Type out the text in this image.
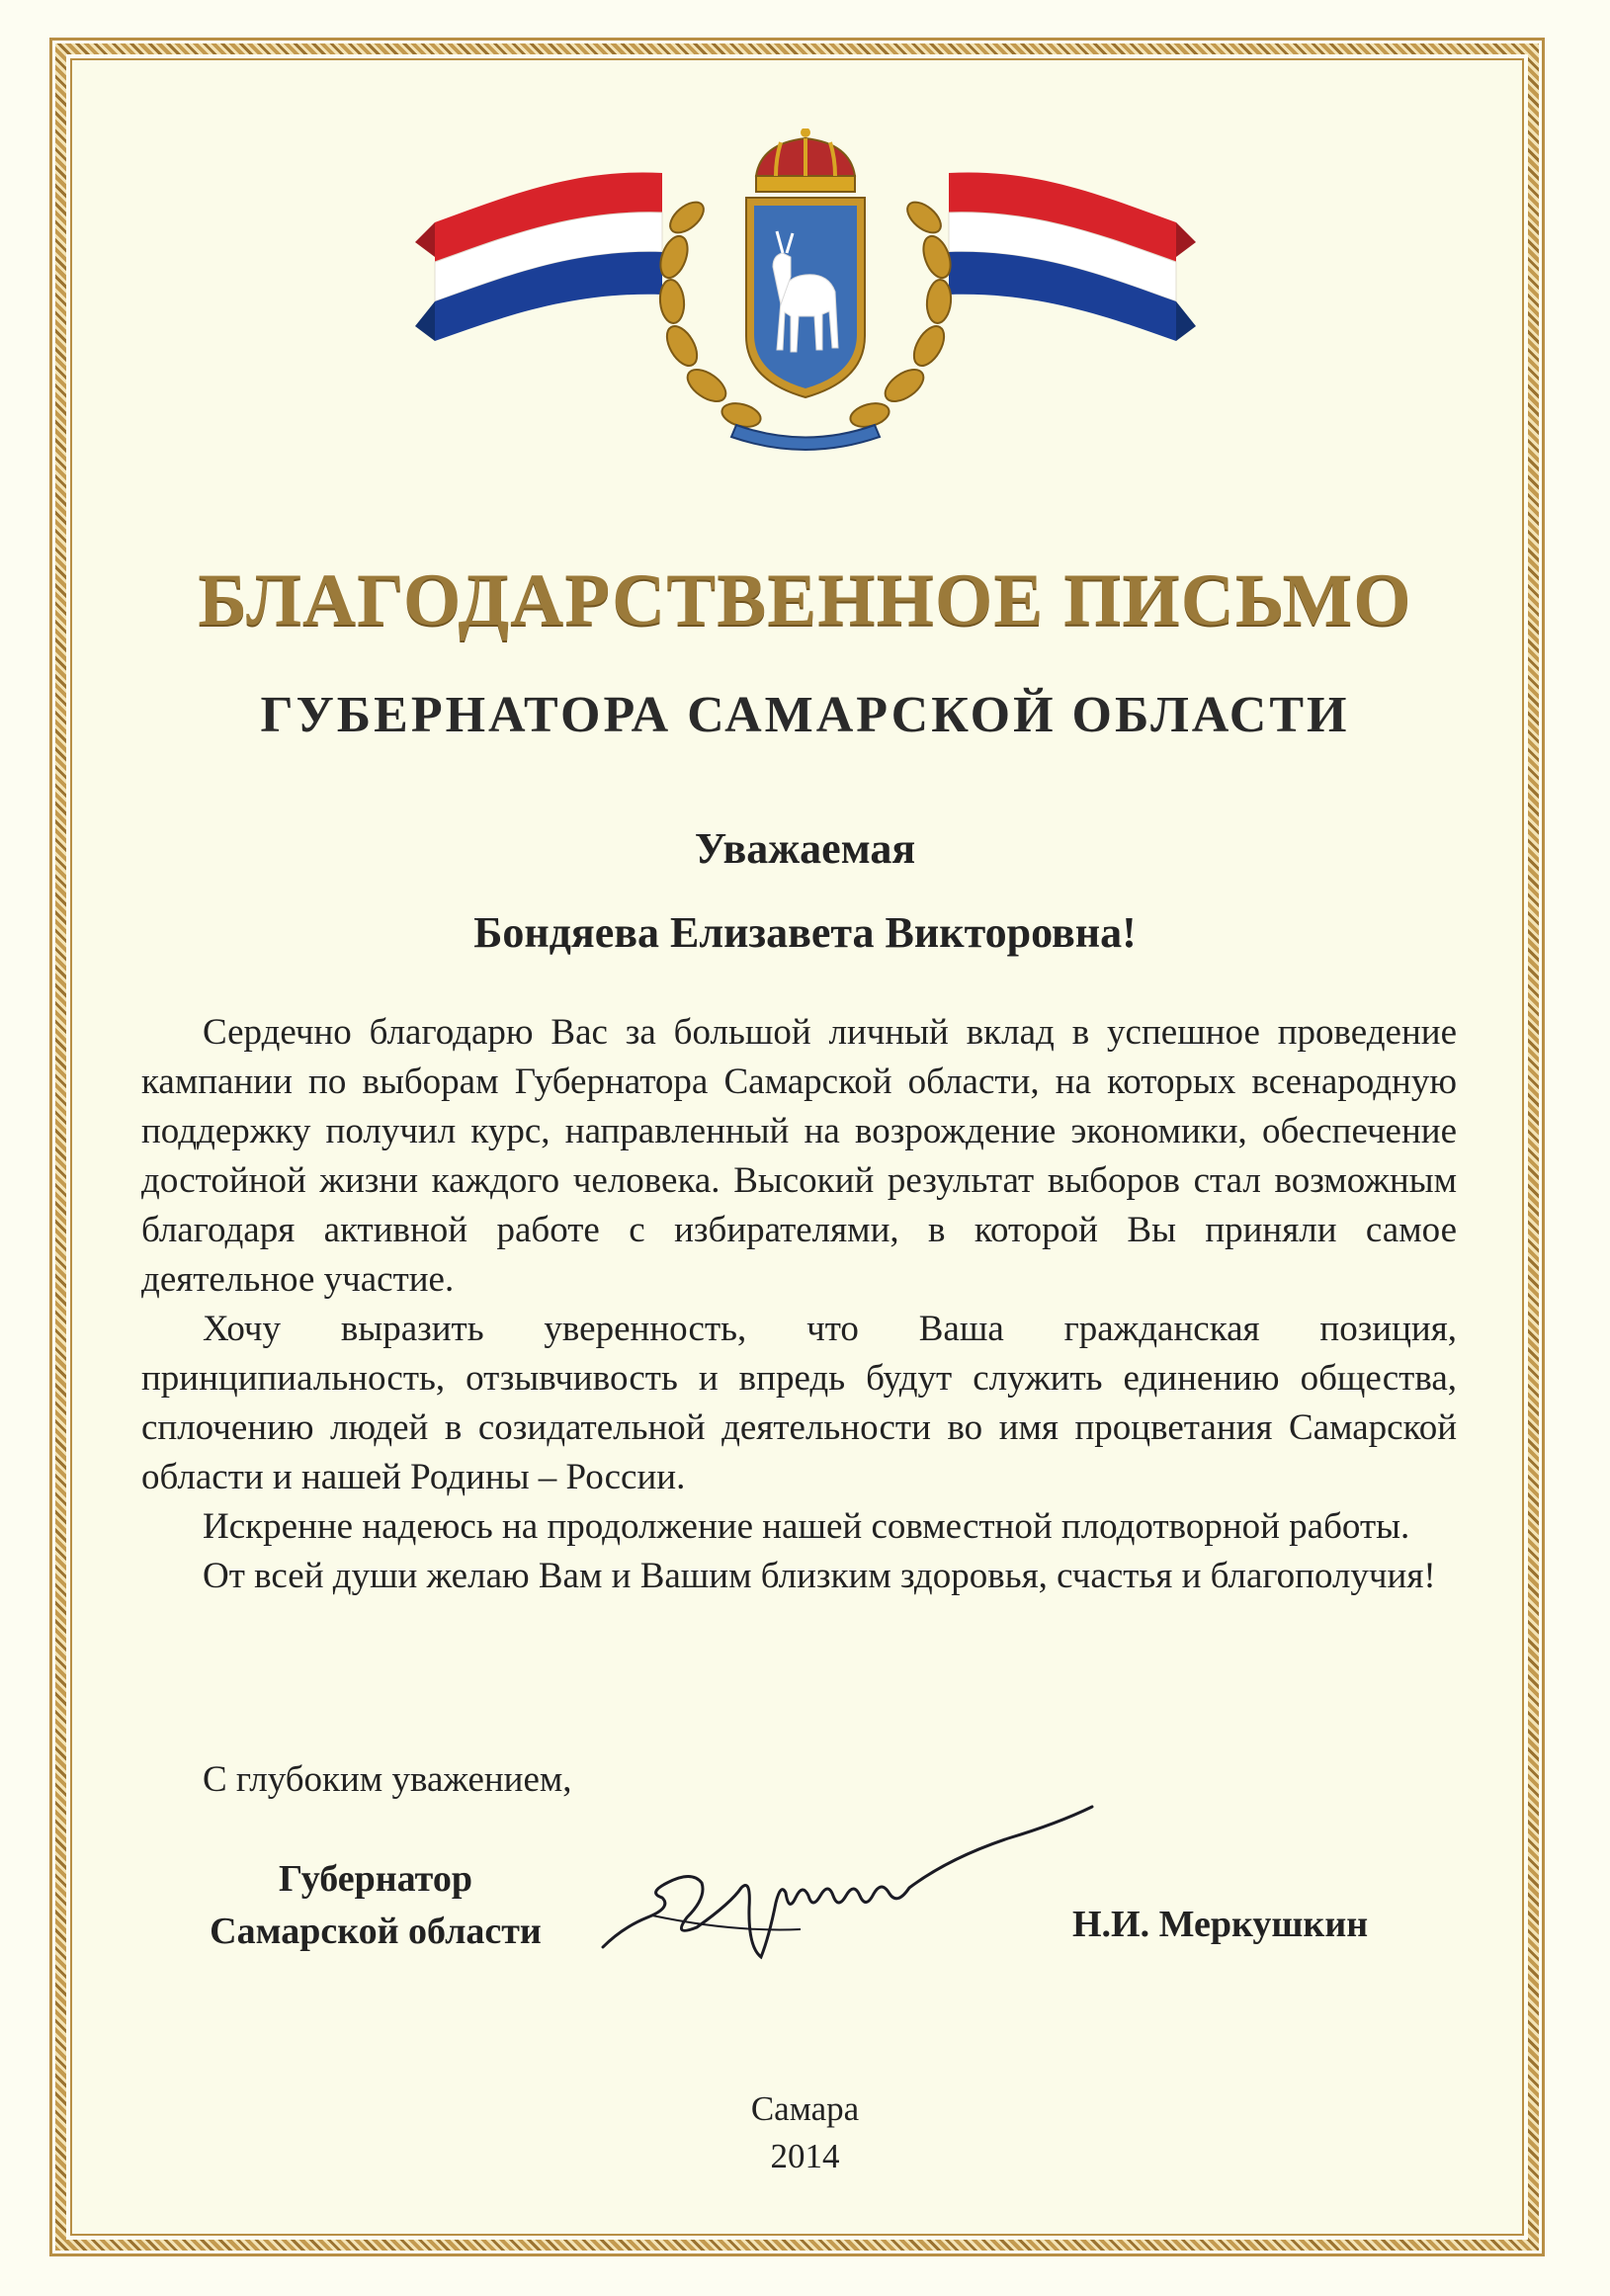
БЛАГОДАРСТВЕННОЕ ПИСЬМО
ГУБЕРНАТОРА САМАРСКОЙ ОБЛАСТИ

Уважаемая

Бондяева Елизавета Викторовна!

Сердечно благодарю Вас за большой личный вклад в успешное проведение кампании по выборам Губернатора Самарской области, на которых всенародную поддержку получил курс, направленный на возрождение экономики, обеспечение достойной жизни каждого человека. Высокий результат выборов стал возможным благодаря активной работе с избирателями, в которой Вы приняли самое деятельное участие.

Хочу выразить уверенность, что Ваша гражданская позиция, принципиальность, отзывчивость и впредь будут служить единению общества, сплочению людей в созидательной деятельности во имя процветания Самарской области и нашей Родины – России.

Искренне надеюсь на продолжение нашей совместной плодотворной работы.

От всей души желаю Вам и Вашим близким здоровья, счастья и благополучия!

С глубоким уважением,
Губернатор
Самарской области	Н.И. Меркушкин
Самара
2014
